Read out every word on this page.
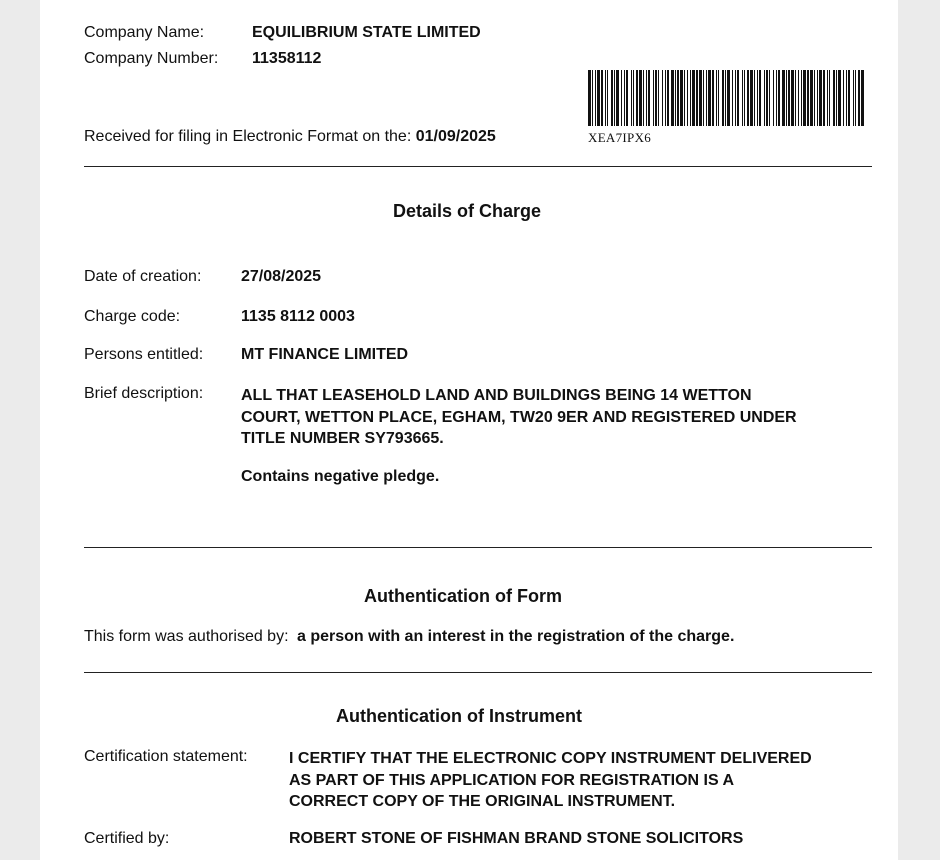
Company Name:	EQUILIBRIUM STATE LIMITED
Company Number: 11358112
Received for filing in Electronic Format on the: 01/09/2025	XEA7IPX6
Details of Charge
Date of creation: 27/08/2025
Charge code:	1135 8112 0003
Persons entitled: MT FINANCE LIMITED
Brief description: ALL THAT LEASEHOLD LAND AND BUILDINGS BEING 14 WETTON
COURT, WETTON PLACE, EGHAM, TW20 9ER AND REGISTERED UNDER
TITLE NUMBER SY793665.
Contains negative pledge.
Authentication of Form
This form was authorised by: a person with an interest in the registration of the charge.
Authentication of Instrument
Certification statement:	I CERTIFY THAT THE ELECTRONIC COPY INSTRUMENT DELIVERED
AS PART OF THIS APPLICATION FOR REGISTRATION IS A
CORRECT COPY OF THE ORIGINAL INSTRUMENT.
Certified by:	ROBERT STONE OF FISHMAN BRAND STONE SOLICITORS
